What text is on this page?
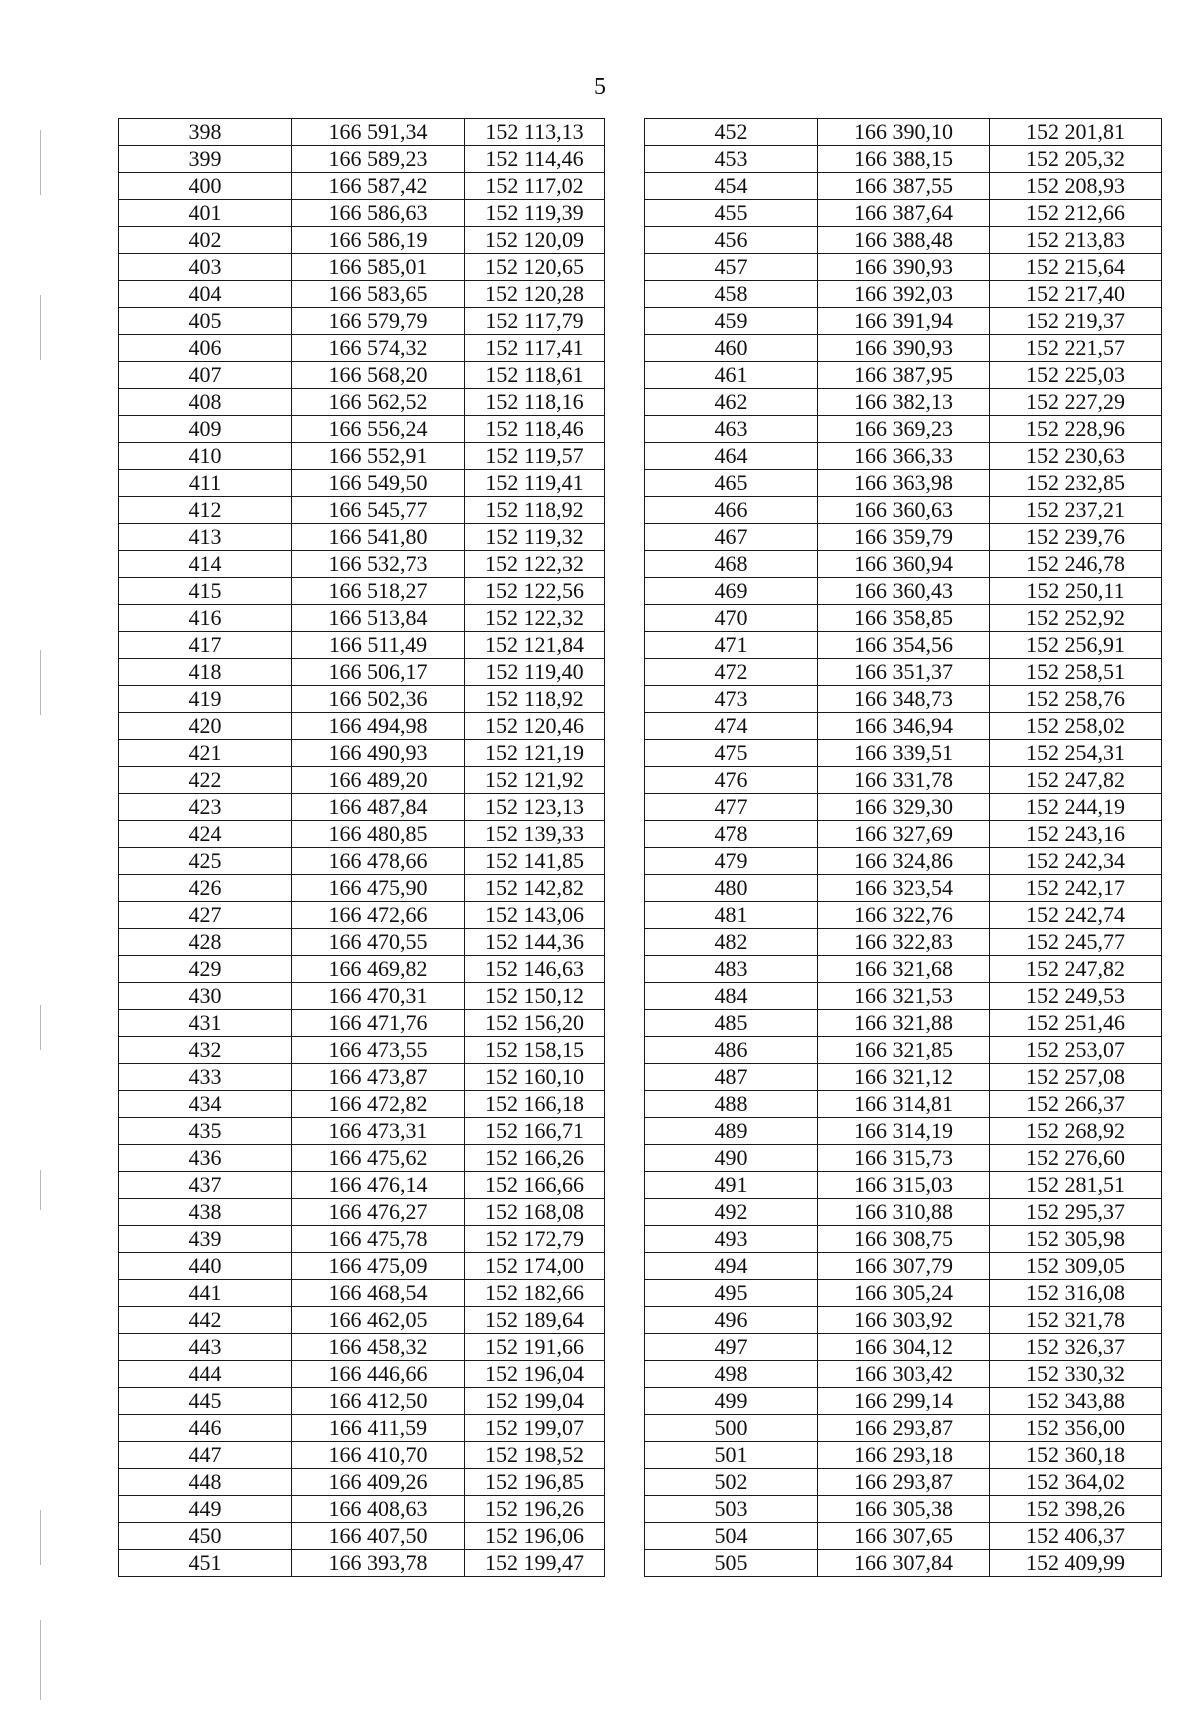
5
398	166 591,34	152 113,13
399	166 589,23	152 114,46
400	166 587,42	152 117,02
401	166 586,63	152 119,39
402	166 586,19	152 120,09
403	166 585,01	152 120,65
404	166 583,65	152 120,28
405	166 579,79	152 117,79
406	166 574,32	152 117,41
407	166 568,20	152 118,61
408	166 562,52	152 118,16
409	166 556,24	152 118,46
410	166 552,91	152 119,57
411	166 549,50	152 119,41
412	166 545,77	152 118,92
413	166 541,80	152 119,32
414	166 532,73	152 122,32
415	166 518,27	152 122,56
416	166 513,84	152 122,32
417	166 511,49	152 121,84
418	166 506,17	152 119,40
419	166 502,36	152 118,92
420	166 494,98	152 120,46
421	166 490,93	152 121,19
422	166 489,20	152 121,92
423	166 487,84	152 123,13
424	166 480,85	152 139,33
425	166 478,66	152 141,85
426	166 475,90	152 142,82
427	166 472,66	152 143,06
428	166 470,55	152 144,36
429	166 469,82	152 146,63
430	166 470,31	152 150,12
431	166 471,76	152 156,20
432	166 473,55	152 158,15
433	166 473,87	152 160,10
434	166 472,82	152 166,18
435	166 473,31	152 166,71
436	166 475,62	152 166,26
437	166 476,14	152 166,66
438	166 476,27	152 168,08
439	166 475,78	152 172,79
440	166 475,09	152 174,00
441	166 468,54	152 182,66
442	166 462,05	152 189,64
443	166 458,32	152 191,66
444	166 446,66	152 196,04
445	166 412,50	152 199,04
446	166 411,59	152 199,07
447	166 410,70	152 198,52
448	166 409,26	152 196,85
449	166 408,63	152 196,26
450	166 407,50	152 196,06
451	166 393,78	152 199,47
452	166 390,10	152 201,81
453	166 388,15	152 205,32
454	166 387,55	152 208,93
455	166 387,64	152 212,66
456	166 388,48	152 213,83
457	166 390,93	152 215,64
458	166 392,03	152 217,40
459	166 391,94	152 219,37
460	166 390,93	152 221,57
461	166 387,95	152 225,03
462	166 382,13	152 227,29
463	166 369,23	152 228,96
464	166 366,33	152 230,63
465	166 363,98	152 232,85
466	166 360,63	152 237,21
467	166 359,79	152 239,76
468	166 360,94	152 246,78
469	166 360,43	152 250,11
470	166 358,85	152 252,92
471	166 354,56	152 256,91
472	166 351,37	152 258,51
473	166 348,73	152 258,76
474	166 346,94	152 258,02
475	166 339,51	152 254,31
476	166 331,78	152 247,82
477	166 329,30	152 244,19
478	166 327,69	152 243,16
479	166 324,86	152 242,34
480	166 323,54	152 242,17
481	166 322,76	152 242,74
482	166 322,83	152 245,77
483	166 321,68	152 247,82
484	166 321,53	152 249,53
485	166 321,88	152 251,46
486	166 321,85	152 253,07
487	166 321,12	152 257,08
488	166 314,81	152 266,37
489	166 314,19	152 268,92
490	166 315,73	152 276,60
491	166 315,03	152 281,51
492	166 310,88	152 295,37
493	166 308,75	152 305,98
494	166 307,79	152 309,05
495	166 305,24	152 316,08
496	166 303,92	152 321,78
497	166 304,12	152 326,37
498	166 303,42	152 330,32
499	166 299,14	152 343,88
500	166 293,87	152 356,00
501	166 293,18	152 360,18
502	166 293,87	152 364,02
503	166 305,38	152 398,26
504	166 307,65	152 406,37
505	166 307,84	152 409,99
